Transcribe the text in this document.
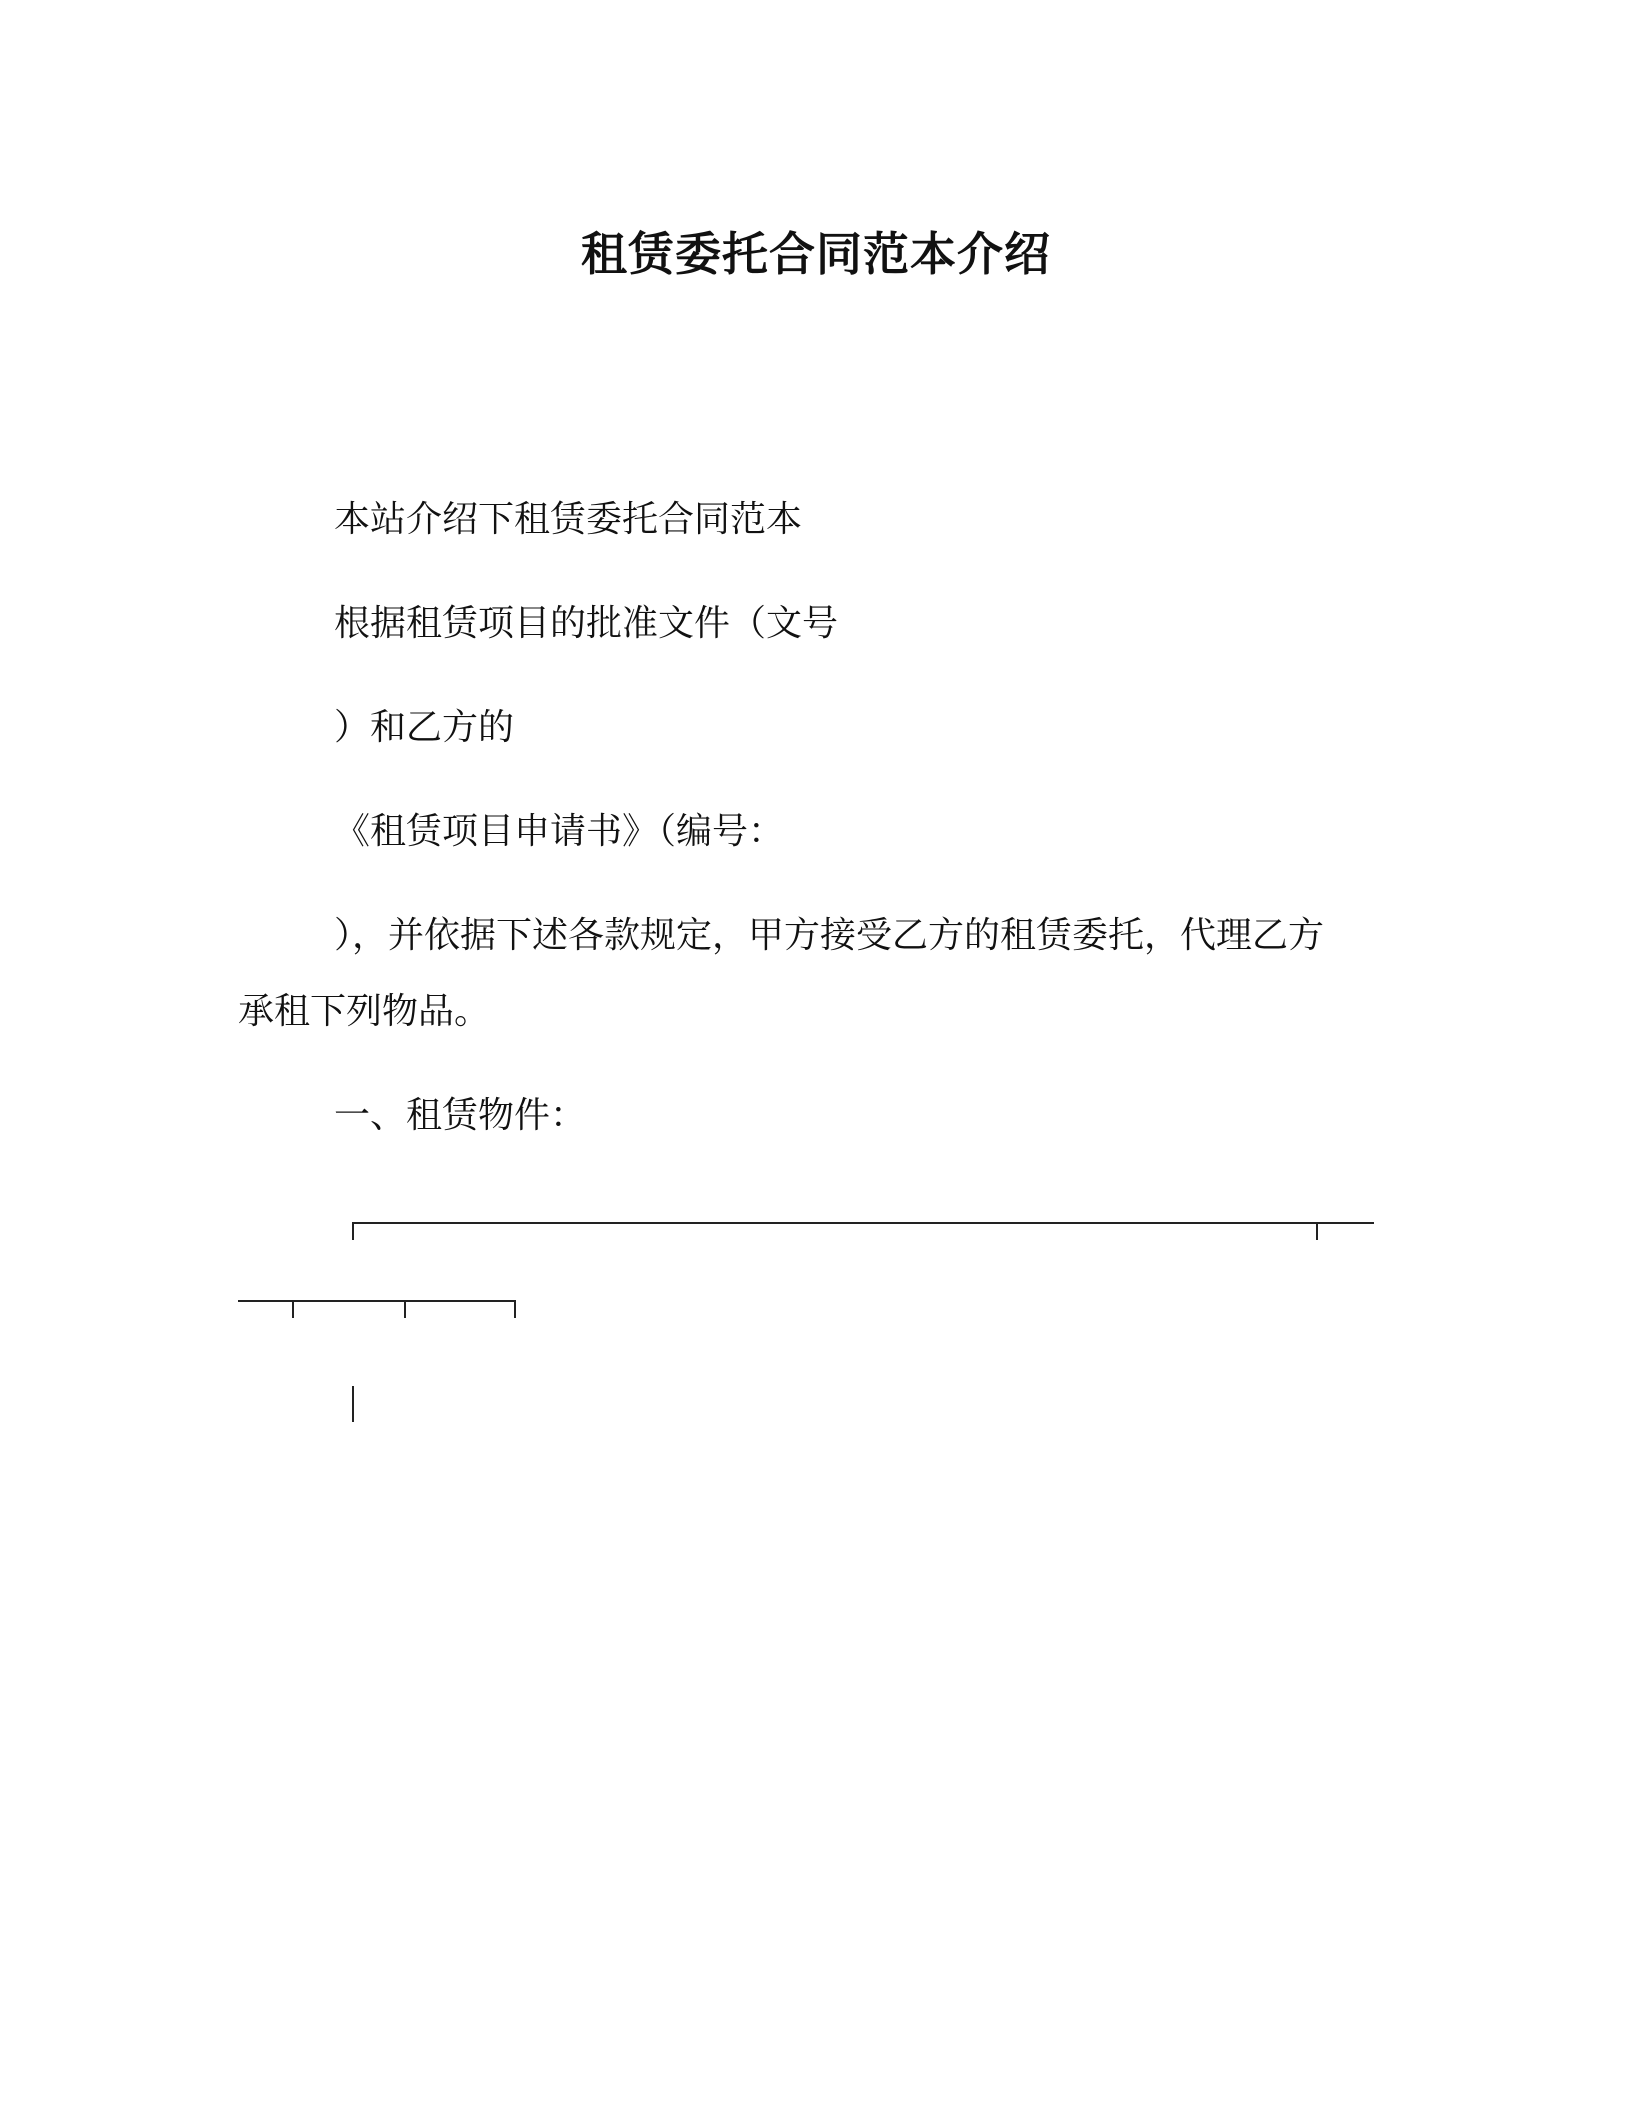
租赁委托合同范本介绍
本站介绍下租赁委托合同范本
根据租赁项目的批准文件（文号
）和乙方的
《租赁项目申请书》（编号：
），并依据下述各款规定，甲方接受乙方的租赁委托，代理乙方
承租下列物品。
一、租赁物件：
